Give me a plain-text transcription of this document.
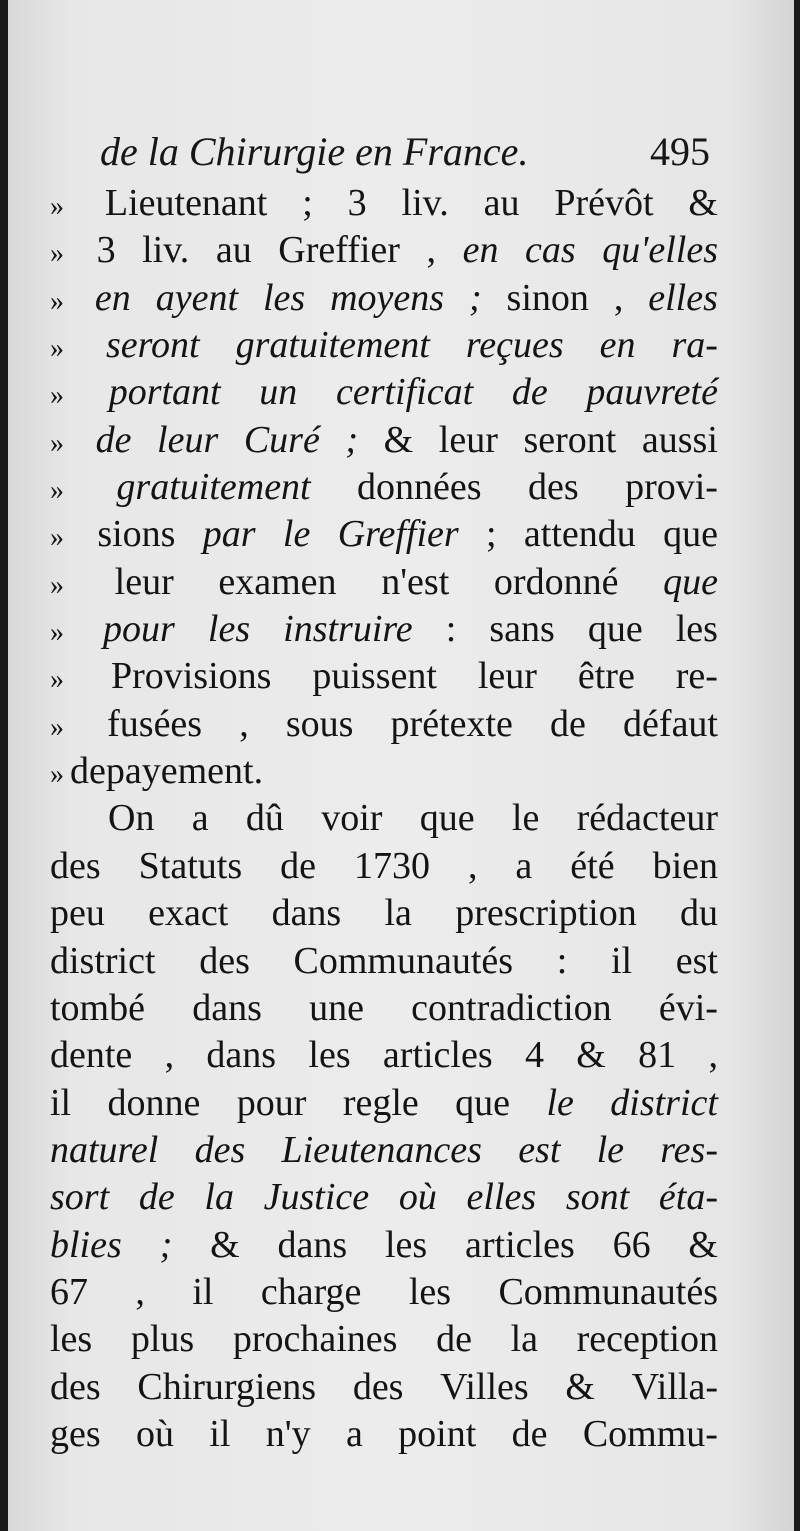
de la Chirurgie en France.	495
» Lieutenant ; 3 liv. au Prévôt &
» 3 liv. au Greffier , en cas qu'elles
» en ayent les moyens ; sinon , elles
» seront gratuitement reçues en ra-
» portant un certificat de pauvreté
» de leur Curé ; & leur seront aussi
» gratuitement données des provi-
» sions par le Greffier ; attendu que
» leur examen n'est ordonné que
» pour les instruire : sans que les
» Provisions puissent leur être re-
» fusées , sous prétexte de défaut
» de payement.
On a dû voir que le rédacteur
des Statuts de 1730 , a été bien
peu exact dans la prescription du
district des Communautés : il est
tombé dans une contradiction évi-
dente , dans les articles 4 & 81 ,
il donne pour regle que le district
naturel des Lieutenances est le res-
sort de la Justice où elles sont éta-
blies ; & dans les articles 66 &
67 , il charge les Communautés
les plus prochaines de la reception
des Chirurgiens des Villes & Villa-
ges où il n'y a point de Commu-
